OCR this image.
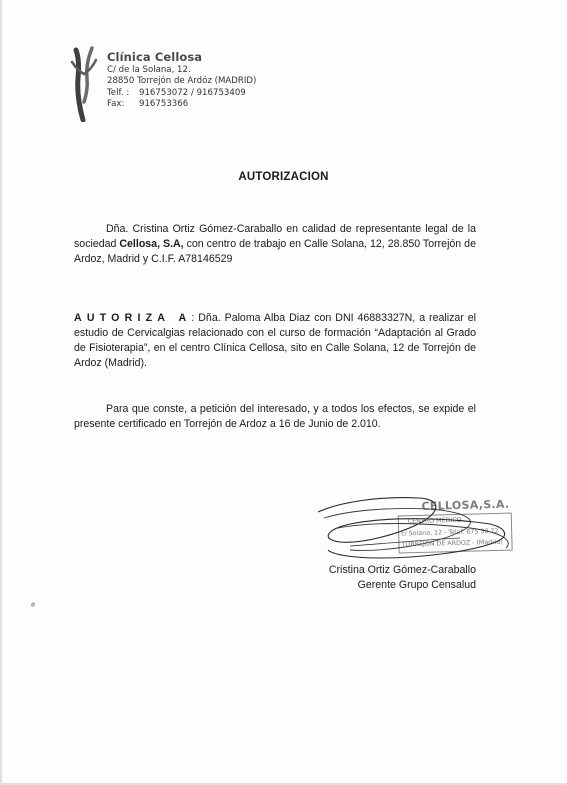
Clínica Cellosa
C/ de la Solana, 12.
28850 Torrejón de Ardóz (MADRID)
Telf. : 916753072 / 916753409
Fax: 916753366
AUTORIZACION
Dña. Cristina Ortiz Gómez-Caraballo en calidad de representante legal de la sociedad Cellosa, S.A, con centro de trabajo en Calle Solana, 12, 28.850 Torrejón de Ardoz, Madrid y C.I.F. A78146529
AUTORIZA A: Dña. Paloma Alba Diaz con DNI 46883327N, a realizar el estudio de Cervicalgias relacionado con el curso de formación “Adaptación al Grado de Fisioterapia”, en el centro Clínica Cellosa, sito en Calle Solana, 12 de Torrejón de Ardoz (Madrid).
Para que conste, a petición del interesado, y a todos los efectos, se expide el presente certificado en Torrejón de Ardoz a 16 de Junio de 2.010.
CELLOSA,S.A.
CENTRO MÉDICO
c/ Solana, 12 - Telef. 675 30 72
TORREJON DE ARDOZ - (Madrid)
Cristina Ortiz Gómez-Caraballo
Gerente Grupo Censalud
